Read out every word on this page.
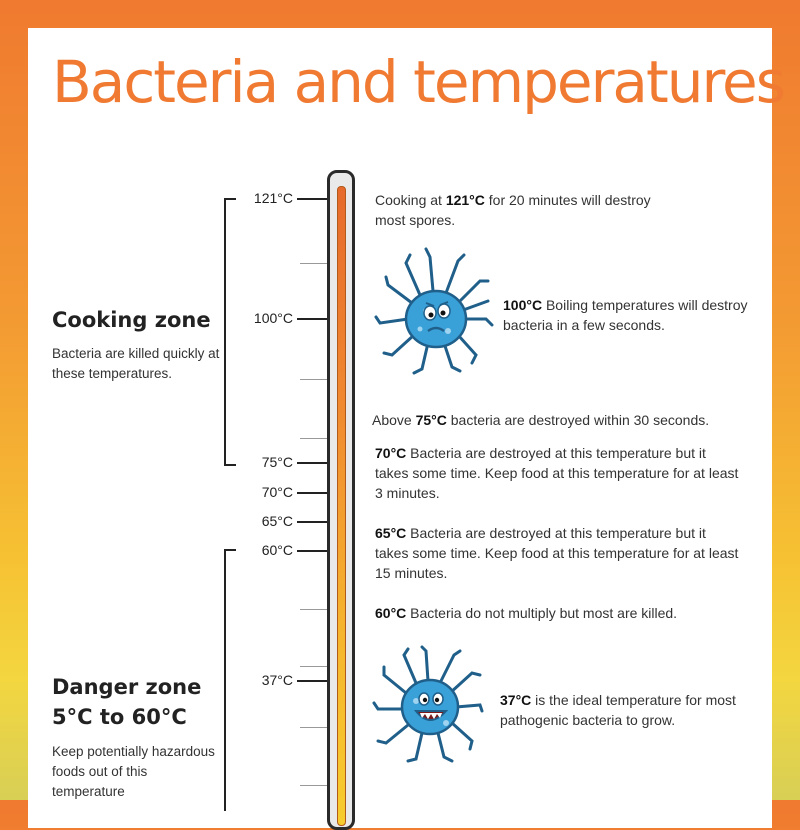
Bacteria and temperatures
Cooking zone
Bacteria are killed quickly at these temperatures.
Danger zone
5°C to 60°C
Keep potentially hazardous foods out of this temperature
121°C
100°C
75°C
70°C
65°C
60°C
37°C
Cooking at 121°C for 20 minutes will destroy most spores.
100°C Boiling temperatures will destroy bacteria in a few seconds.
Above 75°C bacteria are destroyed within 30 seconds.
70°C Bacteria are destroyed at this temperature but it takes some time. Keep food at this temperature for at least 3 minutes.
65°C Bacteria are destroyed at this temperature but it takes some time. Keep food at this temperature for at least 15 minutes.
60°C Bacteria do not multiply but most are killed.
37°C is the ideal temperature for most pathogenic bacteria to grow.
